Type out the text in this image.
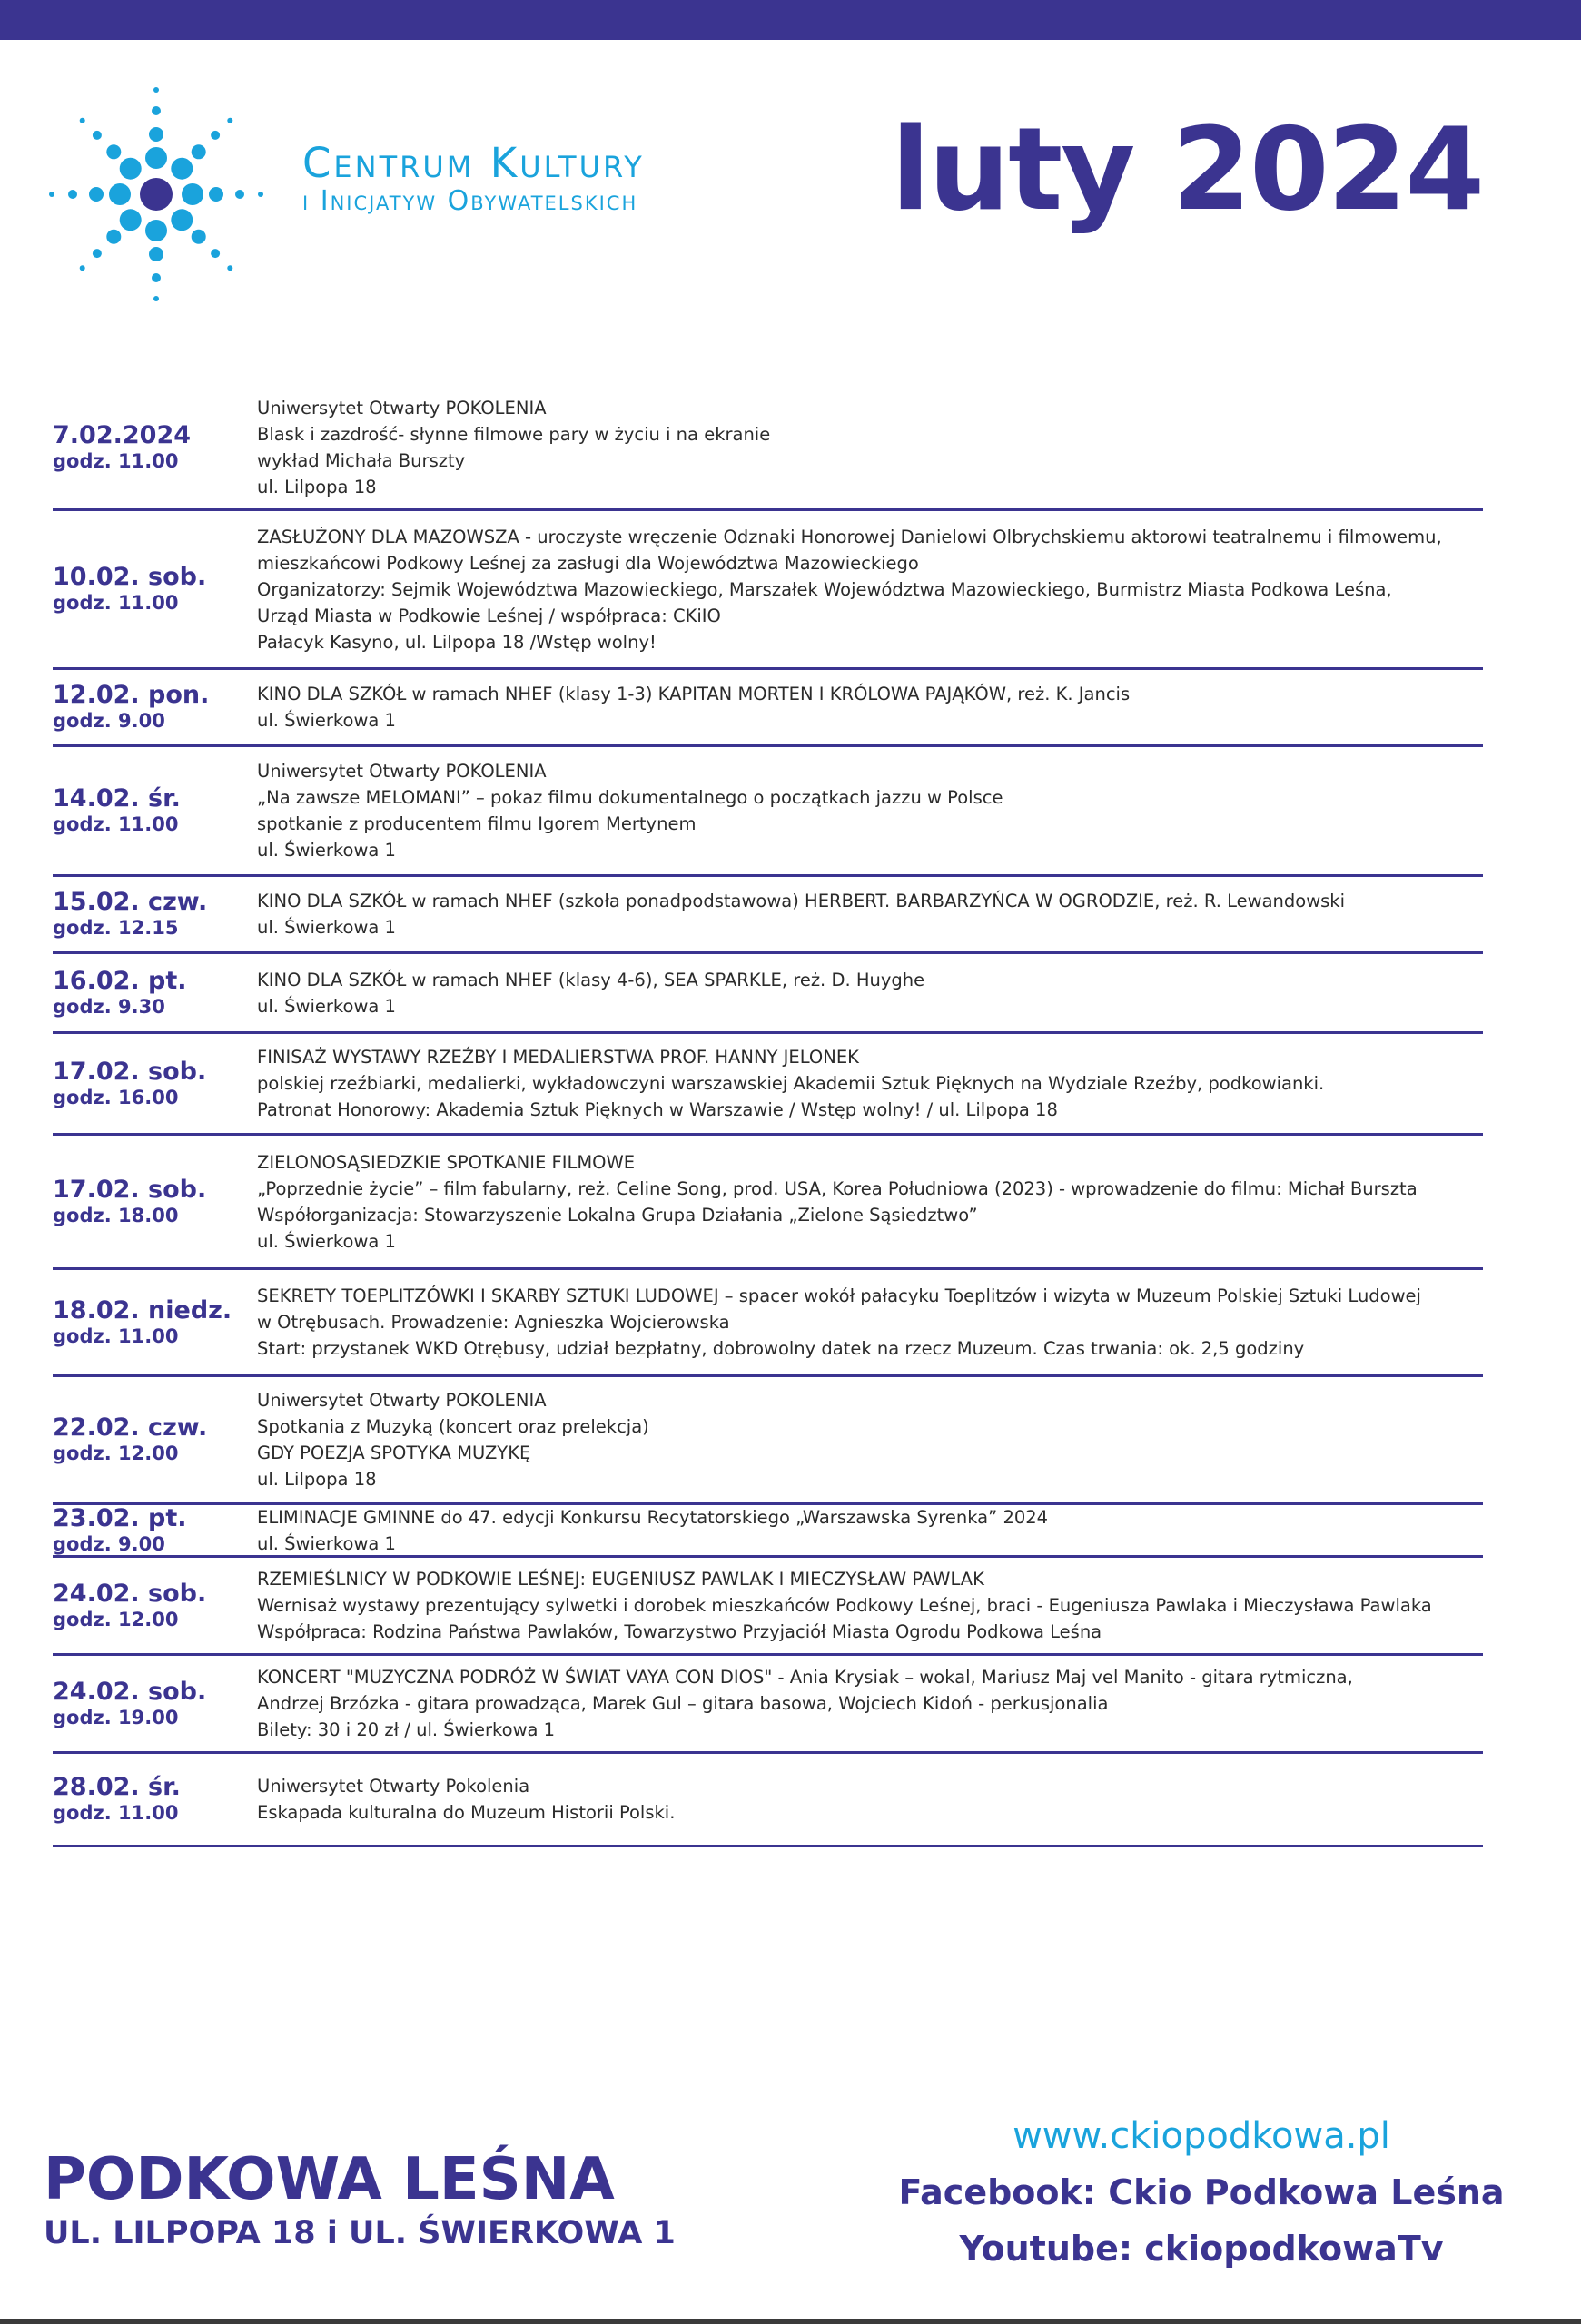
Centrum Kultury
i Inicjatyw Obywatelskich luty 2024
7.02.2024
godz. 11.00
Uniwersytet Otwarty POKOLENIA
Blask i zazdrość- słynne filmowe pary w życiu i na ekranie
wykład Michała Burszty
ul. Lilpopa 18
10.02. sob.
godz. 11.00
ZASŁUŻONY DLA MAZOWSZA - uroczyste wręczenie Odznaki Honorowej Danielowi Olbrychskiemu aktorowi teatralnemu i filmowemu,
mieszkańcowi Podkowy Leśnej za zasługi dla Województwa Mazowieckiego
Organizatorzy: Sejmik Województwa Mazowieckiego, Marszałek Województwa Mazowieckiego, Burmistrz Miasta Podkowa Leśna,
Urząd Miasta w Podkowie Leśnej / współpraca: CKiIO
Pałacyk Kasyno, ul. Lilpopa 18 /Wstęp wolny!
12.02. pon.
godz. 9.00
KINO DLA SZKÓŁ w ramach NHEF (klasy 1-3) KAPITAN MORTEN I KRÓLOWA PAJĄKÓW, reż. K. Jancis
ul. Świerkowa 1
14.02. śr.
godz. 11.00
Uniwersytet Otwarty POKOLENIA
„Na zawsze MELOMANI” – pokaz filmu dokumentalnego o początkach jazzu w Polsce
spotkanie z producentem filmu Igorem Mertynem
ul. Świerkowa 1
15.02. czw.
godz. 12.15
KINO DLA SZKÓŁ w ramach NHEF (szkoła ponadpodstawowa) HERBERT. BARBARZYŃCA W OGRODZIE, reż. R. Lewandowski
ul. Świerkowa 1
16.02. pt.
godz. 9.30
KINO DLA SZKÓŁ w ramach NHEF (klasy 4-6), SEA SPARKLE, reż. D. Huyghe
ul. Świerkowa 1
17.02. sob.
godz. 16.00
FINISAŻ WYSTAWY RZEŹBY I MEDALIERSTWA PROF. HANNY JELONEK
polskiej rzeźbiarki, medalierki, wykładowczyni warszawskiej Akademii Sztuk Pięknych na Wydziale Rzeźby, podkowianki.
Patronat Honorowy: Akademia Sztuk Pięknych w Warszawie / Wstęp wolny! / ul. Lilpopa 18
17.02. sob.
godz. 18.00
ZIELONOSĄSIEDZKIE SPOTKANIE FILMOWE
„Poprzednie życie” – film fabularny, reż. Celine Song, prod. USA, Korea Południowa (2023) - wprowadzenie do filmu: Michał Burszta
Współorganizacja: Stowarzyszenie Lokalna Grupa Działania „Zielone Sąsiedztwo”
ul. Świerkowa 1
18.02. niedz.
godz. 11.00
SEKRETY TOEPLITZÓWKI I SKARBY SZTUKI LUDOWEJ – spacer wokół pałacyku Toeplitzów i wizyta w Muzeum Polskiej Sztuki Ludowej
w Otrębusach. Prowadzenie: Agnieszka Wojcierowska
Start: przystanek WKD Otrębusy, udział bezpłatny, dobrowolny datek na rzecz Muzeum. Czas trwania: ok. 2,5 godziny
22.02. czw.
godz. 12.00
Uniwersytet Otwarty POKOLENIA
Spotkania z Muzyką (koncert oraz prelekcja)
GDY POEZJA SPOTYKA MUZYKĘ
ul. Lilpopa 18
23.02. pt.
godz. 9.00
ELIMINACJE GMINNE do 47. edycji Konkursu Recytatorskiego „Warszawska Syrenka” 2024
ul. Świerkowa 1
24.02. sob.
godz. 12.00
RZEMIEŚLNICY W PODKOWIE LEŚNEJ: EUGENIUSZ PAWLAK I MIECZYSŁAW PAWLAK
Wernisaż wystawy prezentujący sylwetki i dorobek mieszkańców Podkowy Leśnej, braci - Eugeniusza Pawlaka i Mieczysława Pawlaka
Współpraca: Rodzina Państwa Pawlaków, Towarzystwo Przyjaciół Miasta Ogrodu Podkowa Leśna
24.02. sob.
godz. 19.00
KONCERT "MUZYCZNA PODRÓŻ W ŚWIAT VAYA CON DIOS" - Ania Krysiak – wokal, Mariusz Maj vel Manito - gitara rytmiczna,
Andrzej Brzózka - gitara prowadząca, Marek Gul – gitara basowa, Wojciech Kidoń - perkusjonalia
Bilety: 30 i 20 zł / ul. Świerkowa 1
28.02. śr.
godz. 11.00
Uniwersytet Otwarty Pokolenia
Eskapada kulturalna do Muzeum Historii Polski.
PODKOWA LEŚNA
UL. LILPOPA 18 i UL. ŚWIERKOWA 1
www.ckiopodkowa.pl
Facebook: Ckio Podkowa Leśna
Youtube: ckiopodkowaTv
